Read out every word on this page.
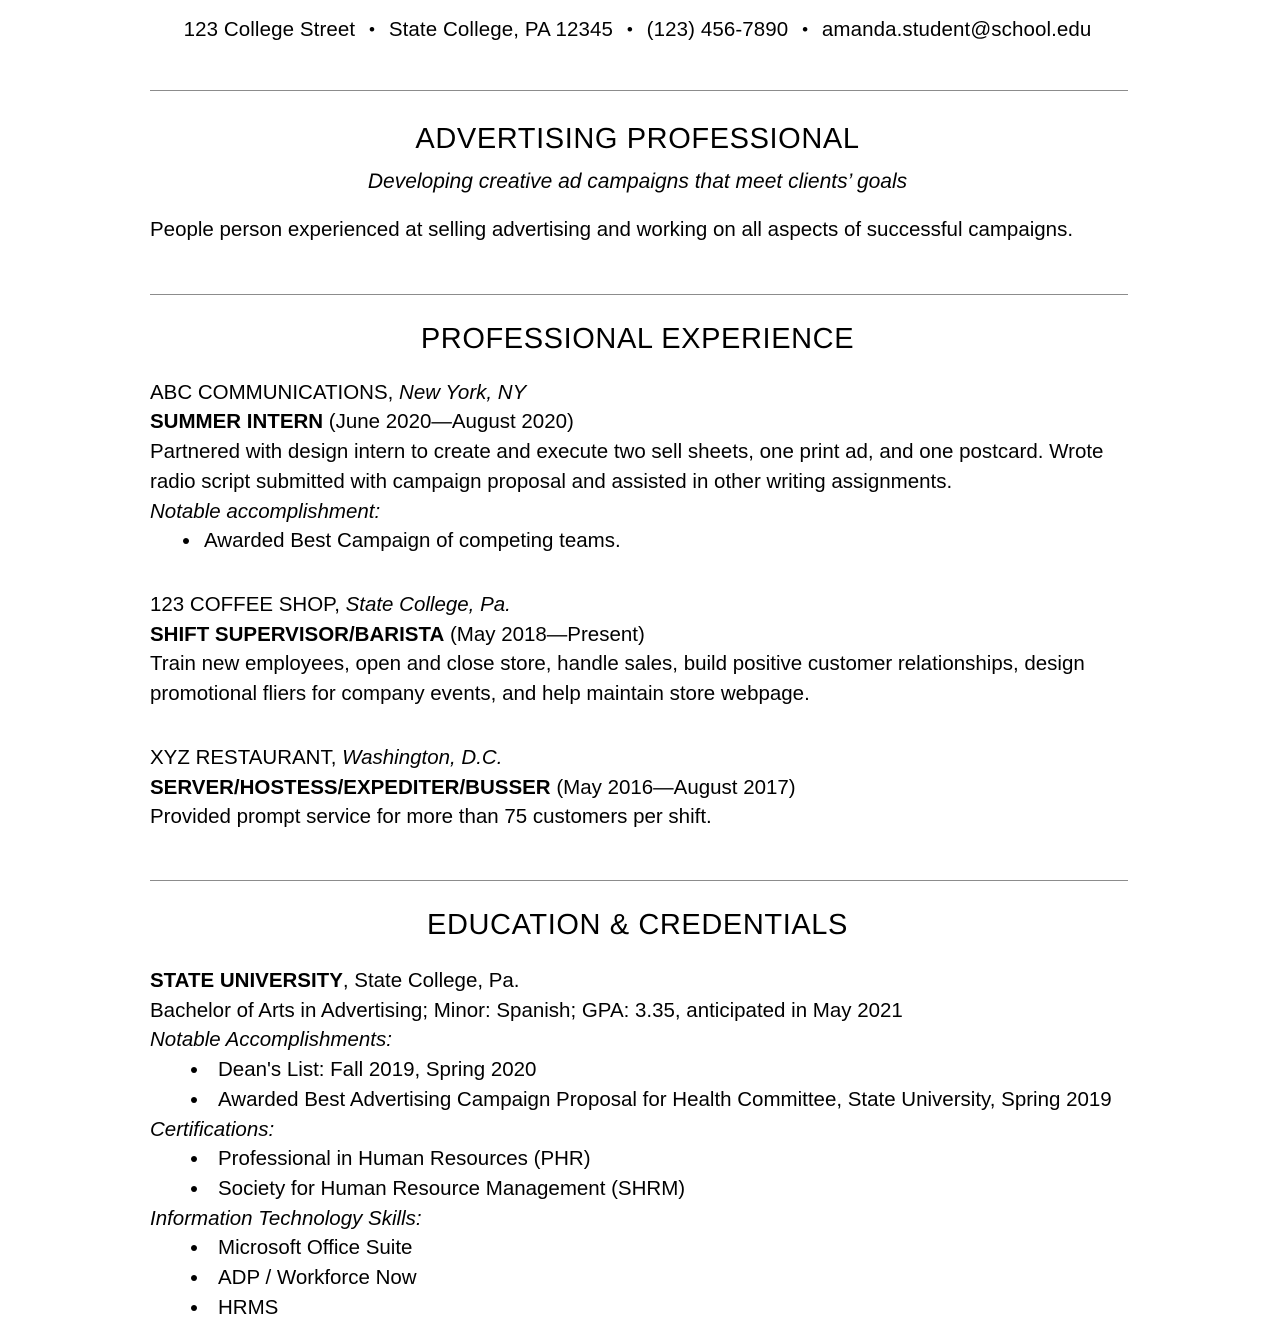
123 College Street • State College, PA 12345 • (123) 456-7890 • amanda.student@school.edu
ADVERTISING PROFESSIONAL
Developing creative ad campaigns that meet clients’ goals
People person experienced at selling advertising and working on all aspects of successful campaigns.
PROFESSIONAL EXPERIENCE
ABC COMMUNICATIONS, New York, NY
SUMMER INTERN (June 2020—August 2020)
Partnered with design intern to create and execute two sell sheets, one print ad, and one postcard. Wrote radio script submitted with campaign proposal and assisted in other writing assignments.
Notable accomplishment:
• Awarded Best Campaign of competing teams.
123 COFFEE SHOP, State College, Pa.
SHIFT SUPERVISOR/BARISTA (May 2018—Present)
Train new employees, open and close store, handle sales, build positive customer relationships, design promotional fliers for company events, and help maintain store webpage.
XYZ RESTAURANT, Washington, D.C.
SERVER/HOSTESS/EXPEDITER/BUSSER (May 2016—August 2017)
Provided prompt service for more than 75 customers per shift.
EDUCATION & CREDENTIALS
STATE UNIVERSITY, State College, Pa.
Bachelor of Arts in Advertising; Minor: Spanish; GPA: 3.35, anticipated in May 2021
Notable Accomplishments:
• Dean's List: Fall 2019, Spring 2020
• Awarded Best Advertising Campaign Proposal for Health Committee, State University, Spring 2019
Certifications:
• Professional in Human Resources (PHR)
• Society for Human Resource Management (SHRM)
Information Technology Skills:
• Microsoft Office Suite
• ADP / Workforce Now
• HRMS
